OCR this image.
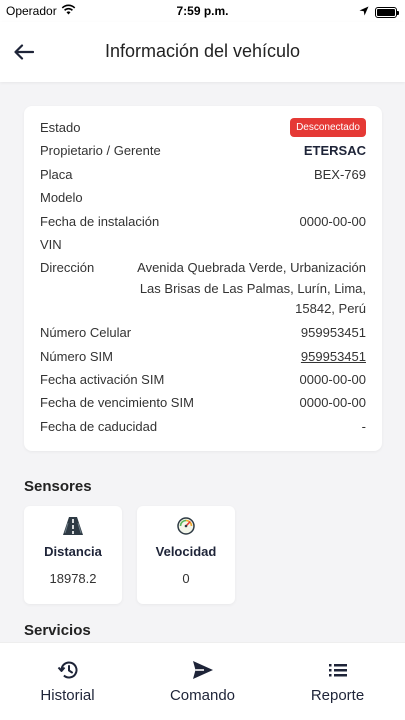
Operador	7:59 p.m.
Información del vehículo
Estado	Desconectado
Propietario / Gerente	ETERSAC
Placa	BEX-769
Modelo
Fecha de instalación	0000-00-00
VIN
Dirección	Avenida Quebrada Verde, Urbanización Las Brisas de Las Palmas, Lurín, Lima, 15842, Perú
Número Celular	959953451
Número SIM	959953451
Fecha activación SIM	0000-00-00
Fecha de vencimiento SIM	0000-00-00
Fecha de caducidad	-
Sensores
Distancia
18978.2
Velocidad
0
Servicios
Historial	Comando	Reporte
